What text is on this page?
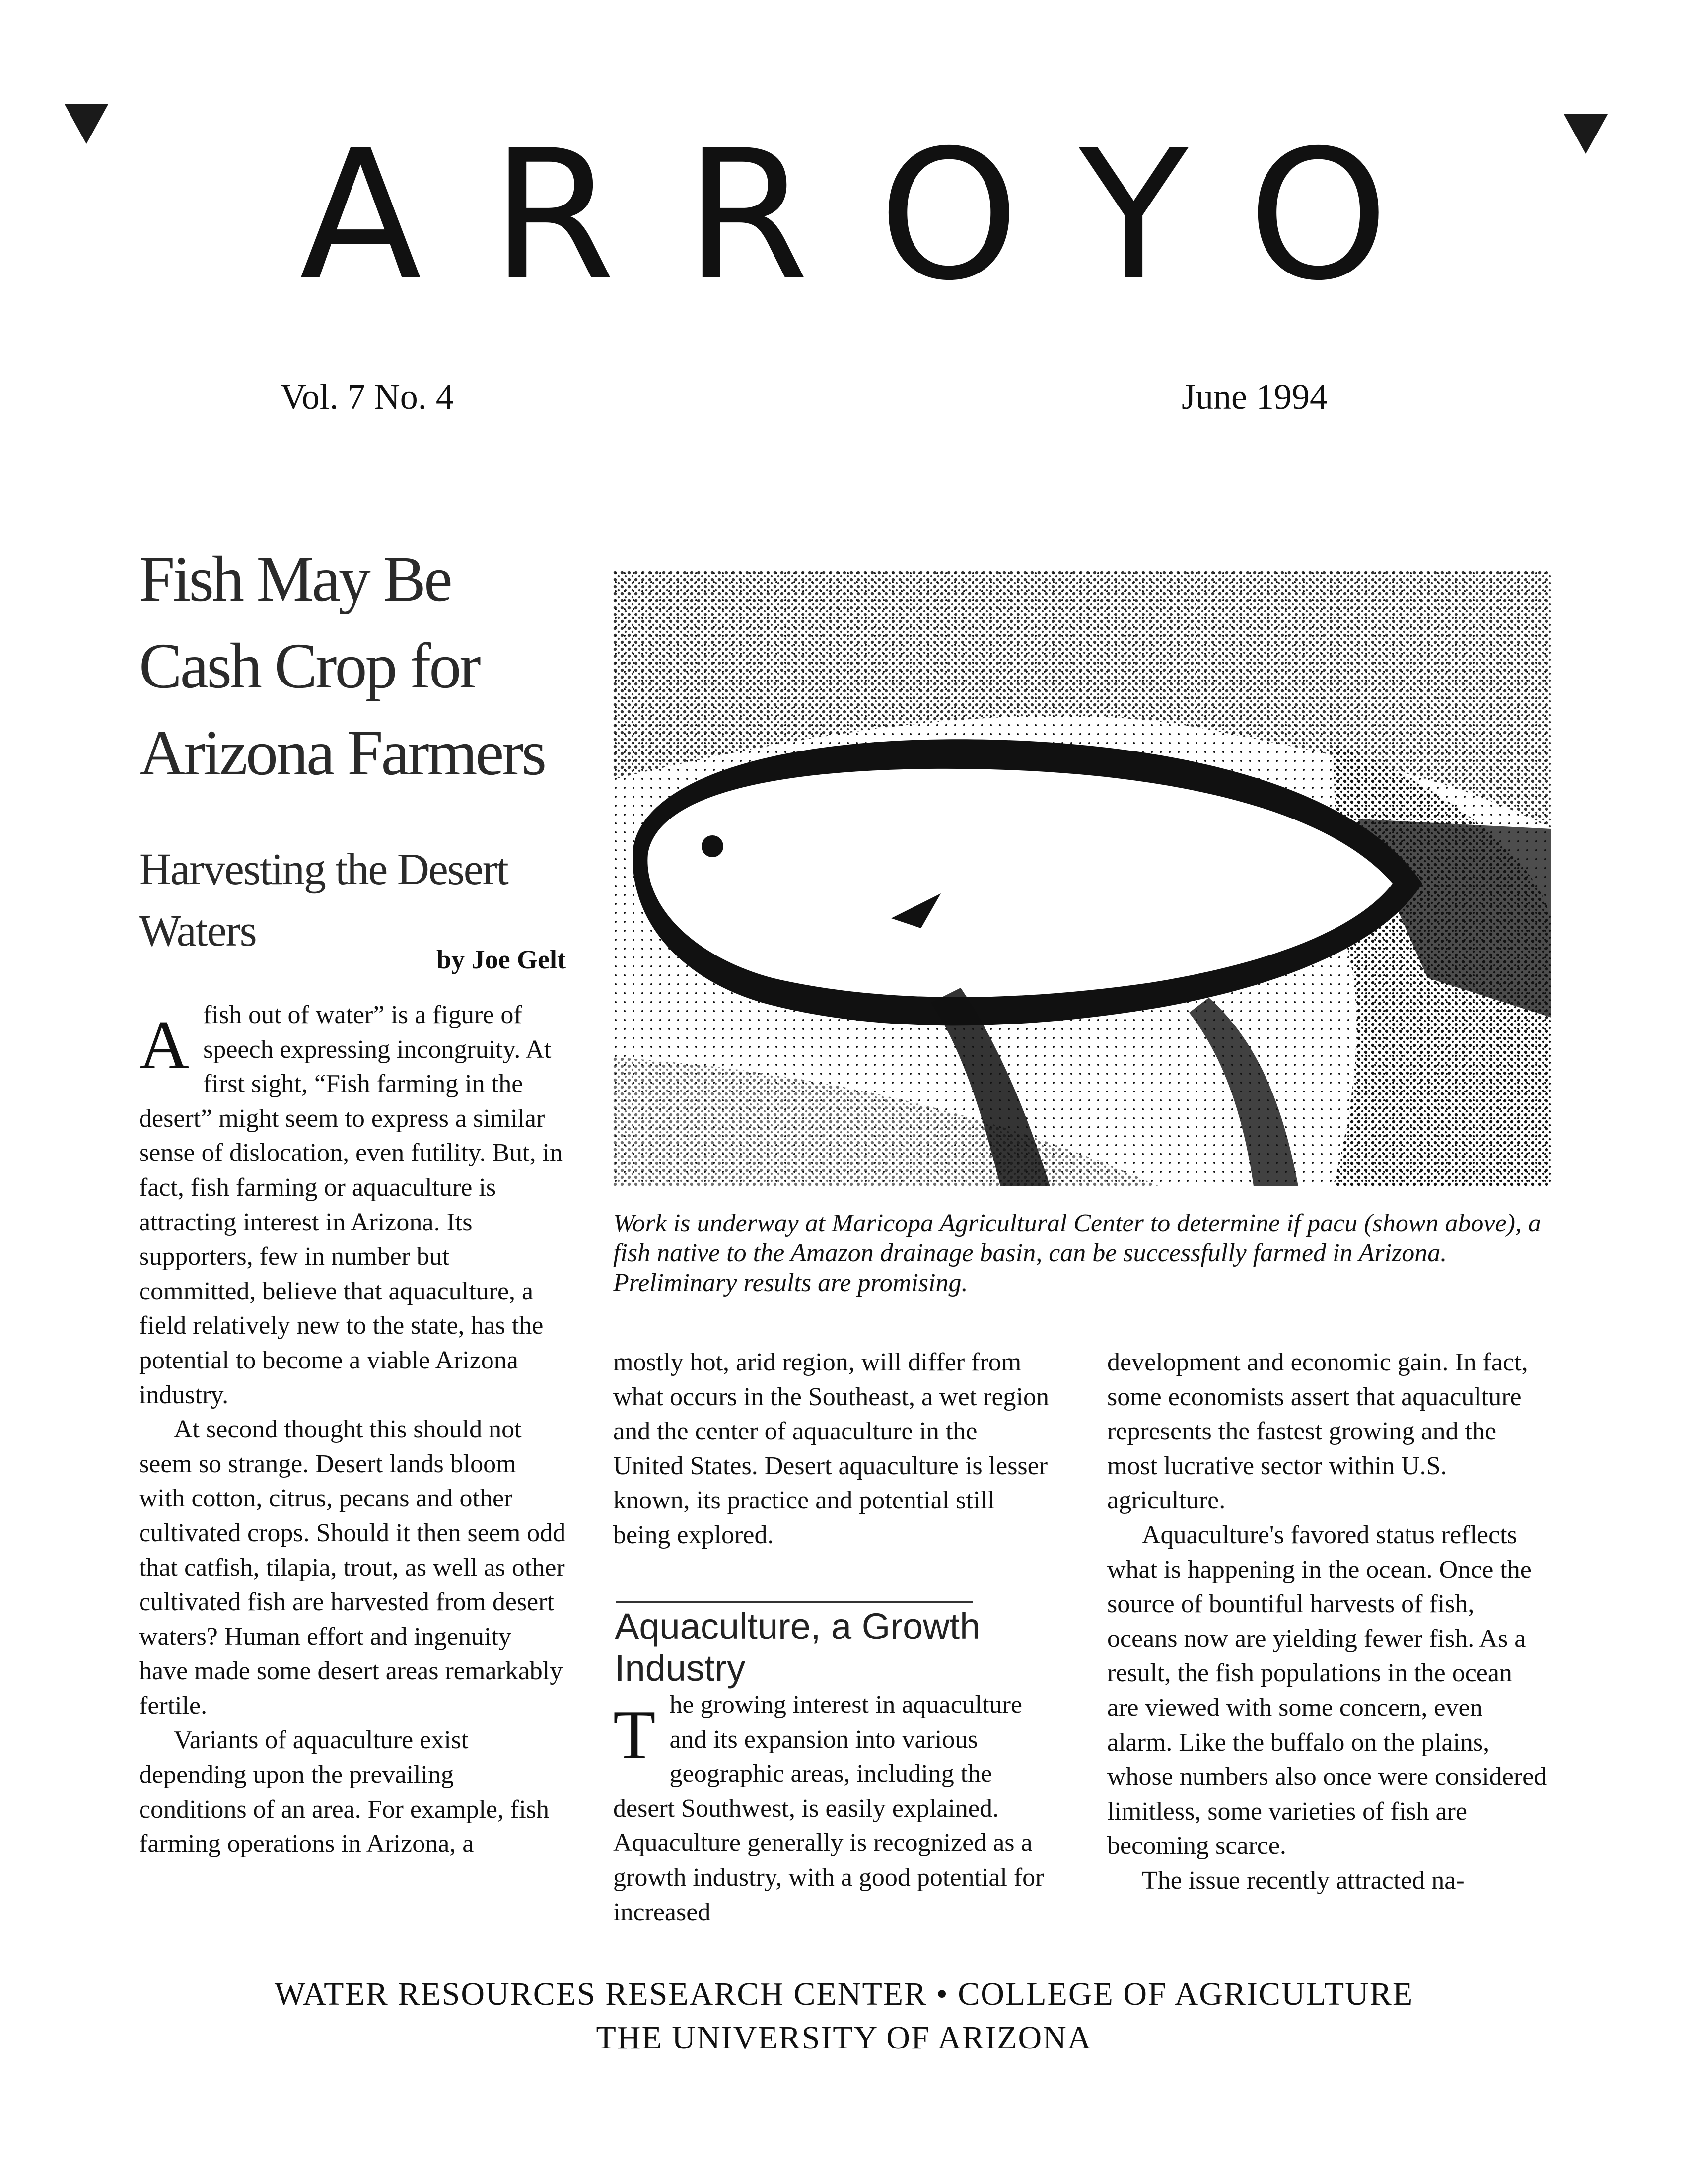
ARROYO
Vol. 7 No. 4	June 1994
Fish May Be Cash Crop for Arizona Farmers
Harvesting the Desert Waters
by Joe Gelt

Afish out of water” is a figure of speech expressing incongruity. At first sight, “Fish farming in the desert” might seem to express a similar sense of dislocation, even futility. But, in fact, fish farming or aquaculture is attracting interest in Arizona. Its supporters, few in number but committed, believe that aquaculture, a field relatively new to the state, has the potential to become a viable Arizona industry.

At second thought this should not seem so strange. Desert lands bloom with cotton, citrus, pecans and other cultivated crops. Should it then seem odd that catfish, tilapia, trout, as well as other cultivated fish are harvested from desert waters? Human effort and ingenuity have made some desert areas remarkably fertile.

Variants of aquaculture exist depending upon the prevailing conditions of an area. For example, fish farming operations in Arizona, a

Work is underway at Maricopa Agricultural Center to determine if pacu (shown above), a fish native to the Amazon drainage basin, can be successfully farmed in Arizona. Preliminary results are promising.

mostly hot, arid region, will differ from what occurs in the Southeast, a wet region and the center of aquaculture in the United States. Desert aquaculture is lesser known, its practice and potential still being explored.

Aquaculture, a Growth Industry

The growing interest in aquaculture and its expansion into various geographic areas, including the desert Southwest, is easily explained. Aquaculture generally is recognized as a growth industry, with a good potential for increased

development and economic gain. In fact, some economists assert that aquaculture represents the fastest growing and the most lucrative sector within U.S. agriculture.

Aquaculture's favored status reflects what is happening in the ocean. Once the source of bountiful harvests of fish, oceans now are yielding fewer fish. As a result, the fish populations in the ocean are viewed with some concern, even alarm. Like the buffalo on the plains, whose numbers also once were considered limitless, some varieties of fish are becoming scarce.

The issue recently attracted na-

WATER RESOURCES RESEARCH CENTER • COLLEGE OF AGRICULTURE
THE UNIVERSITY OF ARIZONA
